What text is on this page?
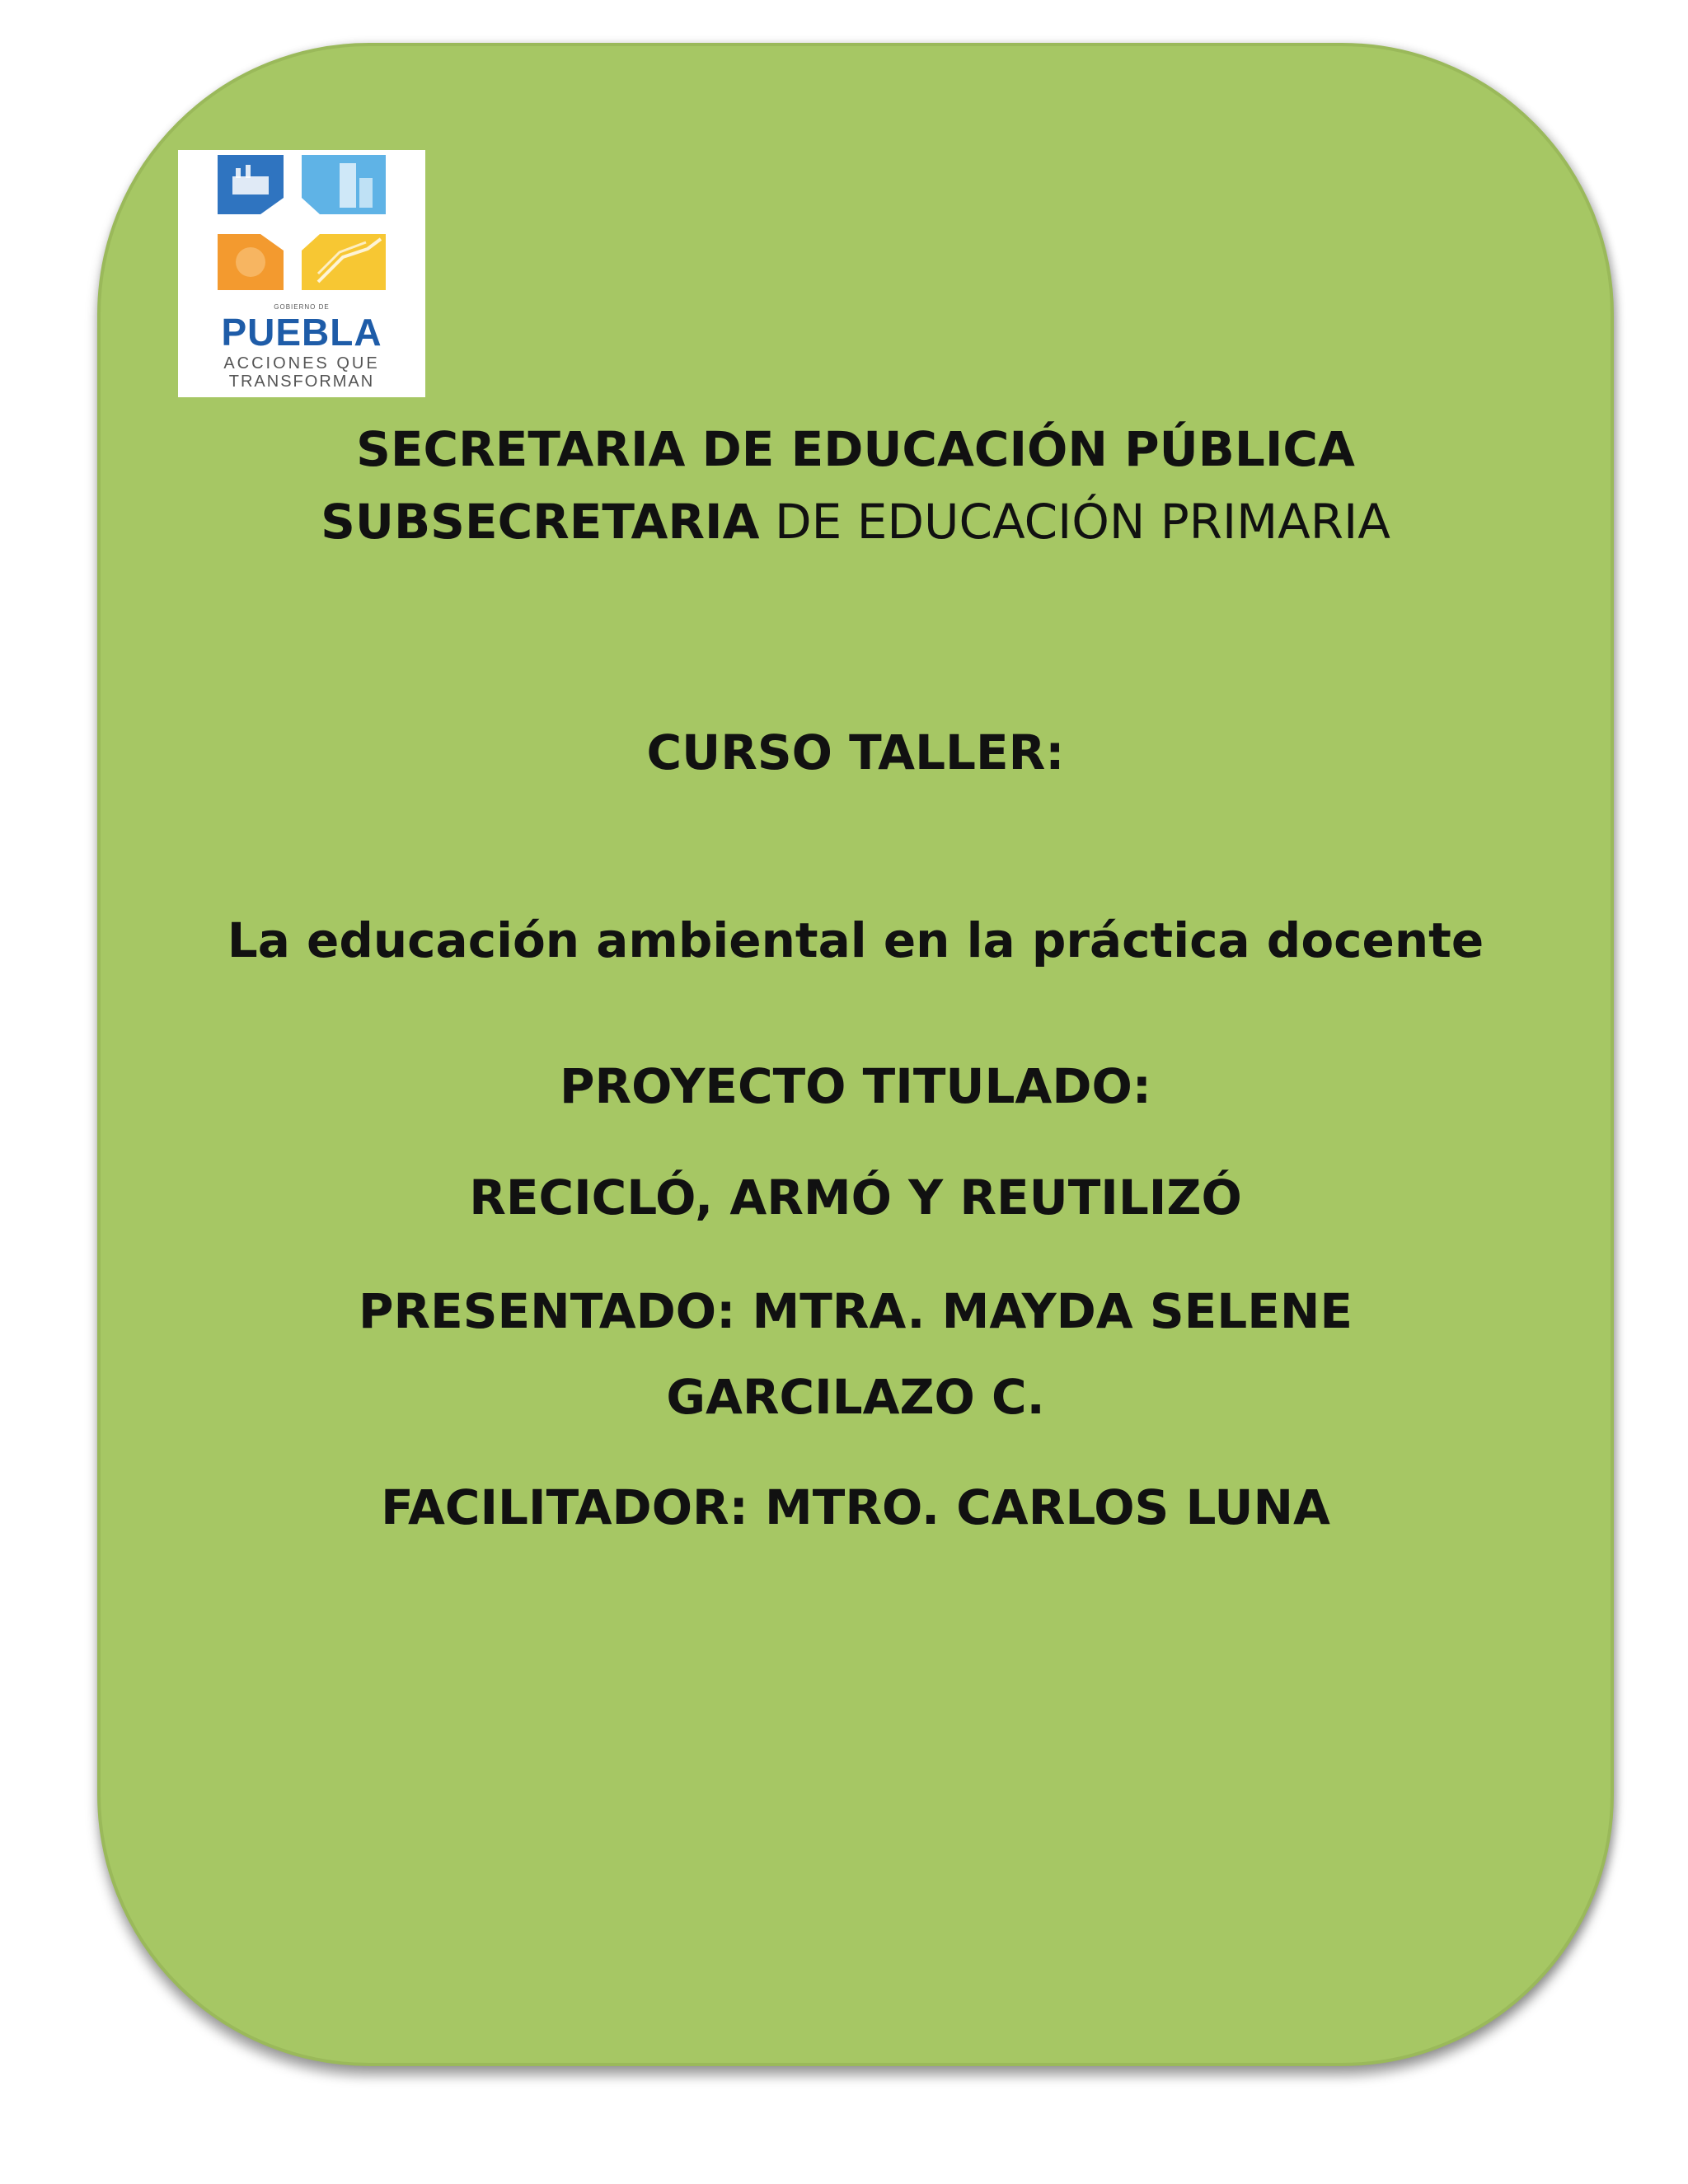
GOBIERNO DE
PUEBLA
ACCIONES QUE
TRANSFORMAN
SECRETARIA DE EDUCACIÓN PÚBLICA
SUBSECRETARIA DE EDUCACIÓN PRIMARIA
CURSO TALLER:
La educación ambiental en la práctica docente
PROYECTO TITULADO:
RECICLÓ, ARMÓ Y REUTILIZÓ
PRESENTADO: MTRA. MAYDA SELENE
GARCILAZO C.
FACILITADOR: MTRO. CARLOS LUNA
